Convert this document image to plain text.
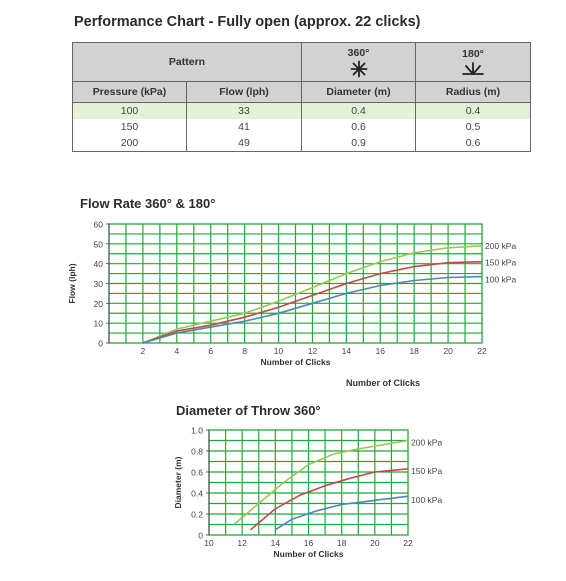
Performance Chart - Fully open (approx. 22 clicks)
Pattern		360°	180°

Pressure (kPa)	Flow (lph)	Diameter (m)	Radius (m)
100	33	0.4	0.4
150	41	0.6	0.5
200	49	0.9	0.6
Flow Rate 360° & 180°
0
10
20
30
40
50
60
2	4	6	8	10	12	14	16	18	20	22
Number of Clicks
Flow (lph)
200 kPa
150 kPa
100 kPa
Number of Clicks
Diameter of Throw 360°
0
0.2
0.4
0.6
0.8
1.0
10	12	14	16	18	20	22
Number of Clicks
Diameter (m)
200 kPa
150 kPa
100 kPa
